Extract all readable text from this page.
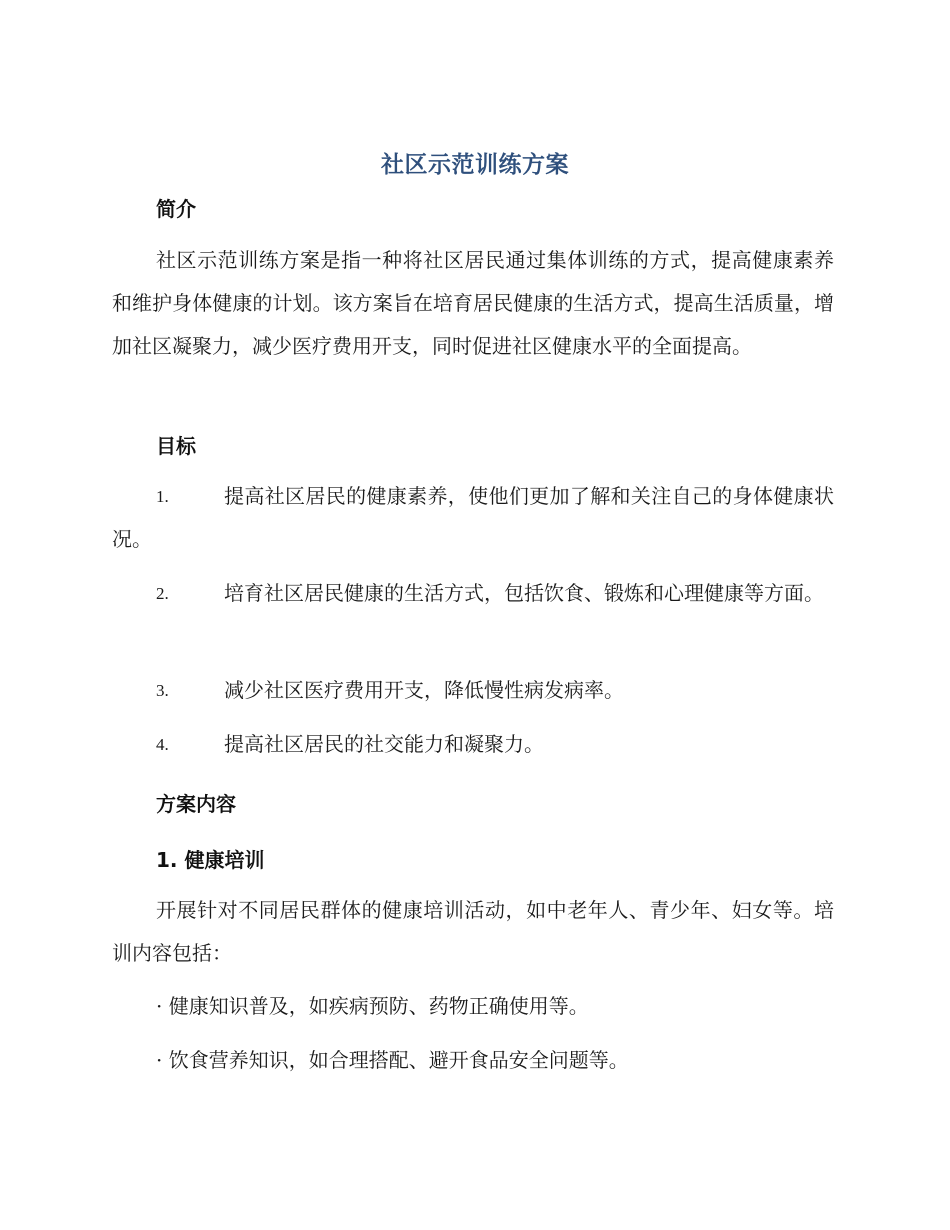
社区示范训练方案
简介

社区示范训练方案是指一种将社区居民通过集体训练的方式，提高健康素养和维护身体健康的计划。该方案旨在培育居民健康的生活方式，提高生活质量，增加社区凝聚力，减少医疗费用开支，同时促进社区健康水平的全面提高。

目标
1.	提高社区居民的健康素养，使他们更加了解和关注自己的身体健康状况。
2.	培育社区居民健康的生活方式，包括饮食、锻炼和心理健康等方面。
3.	减少社区医疗费用开支，降低慢性病发病率。
4.	提高社区居民的社交能力和凝聚力。
方案内容
1. 健康培训

开展针对不同居民群体的健康培训活动，如中老年人、青少年、妇女等。培训内容包括：

· 健康知识普及，如疾病预防、药物正确使用等。
· 饮食营养知识，如合理搭配、避开食品安全问题等。
